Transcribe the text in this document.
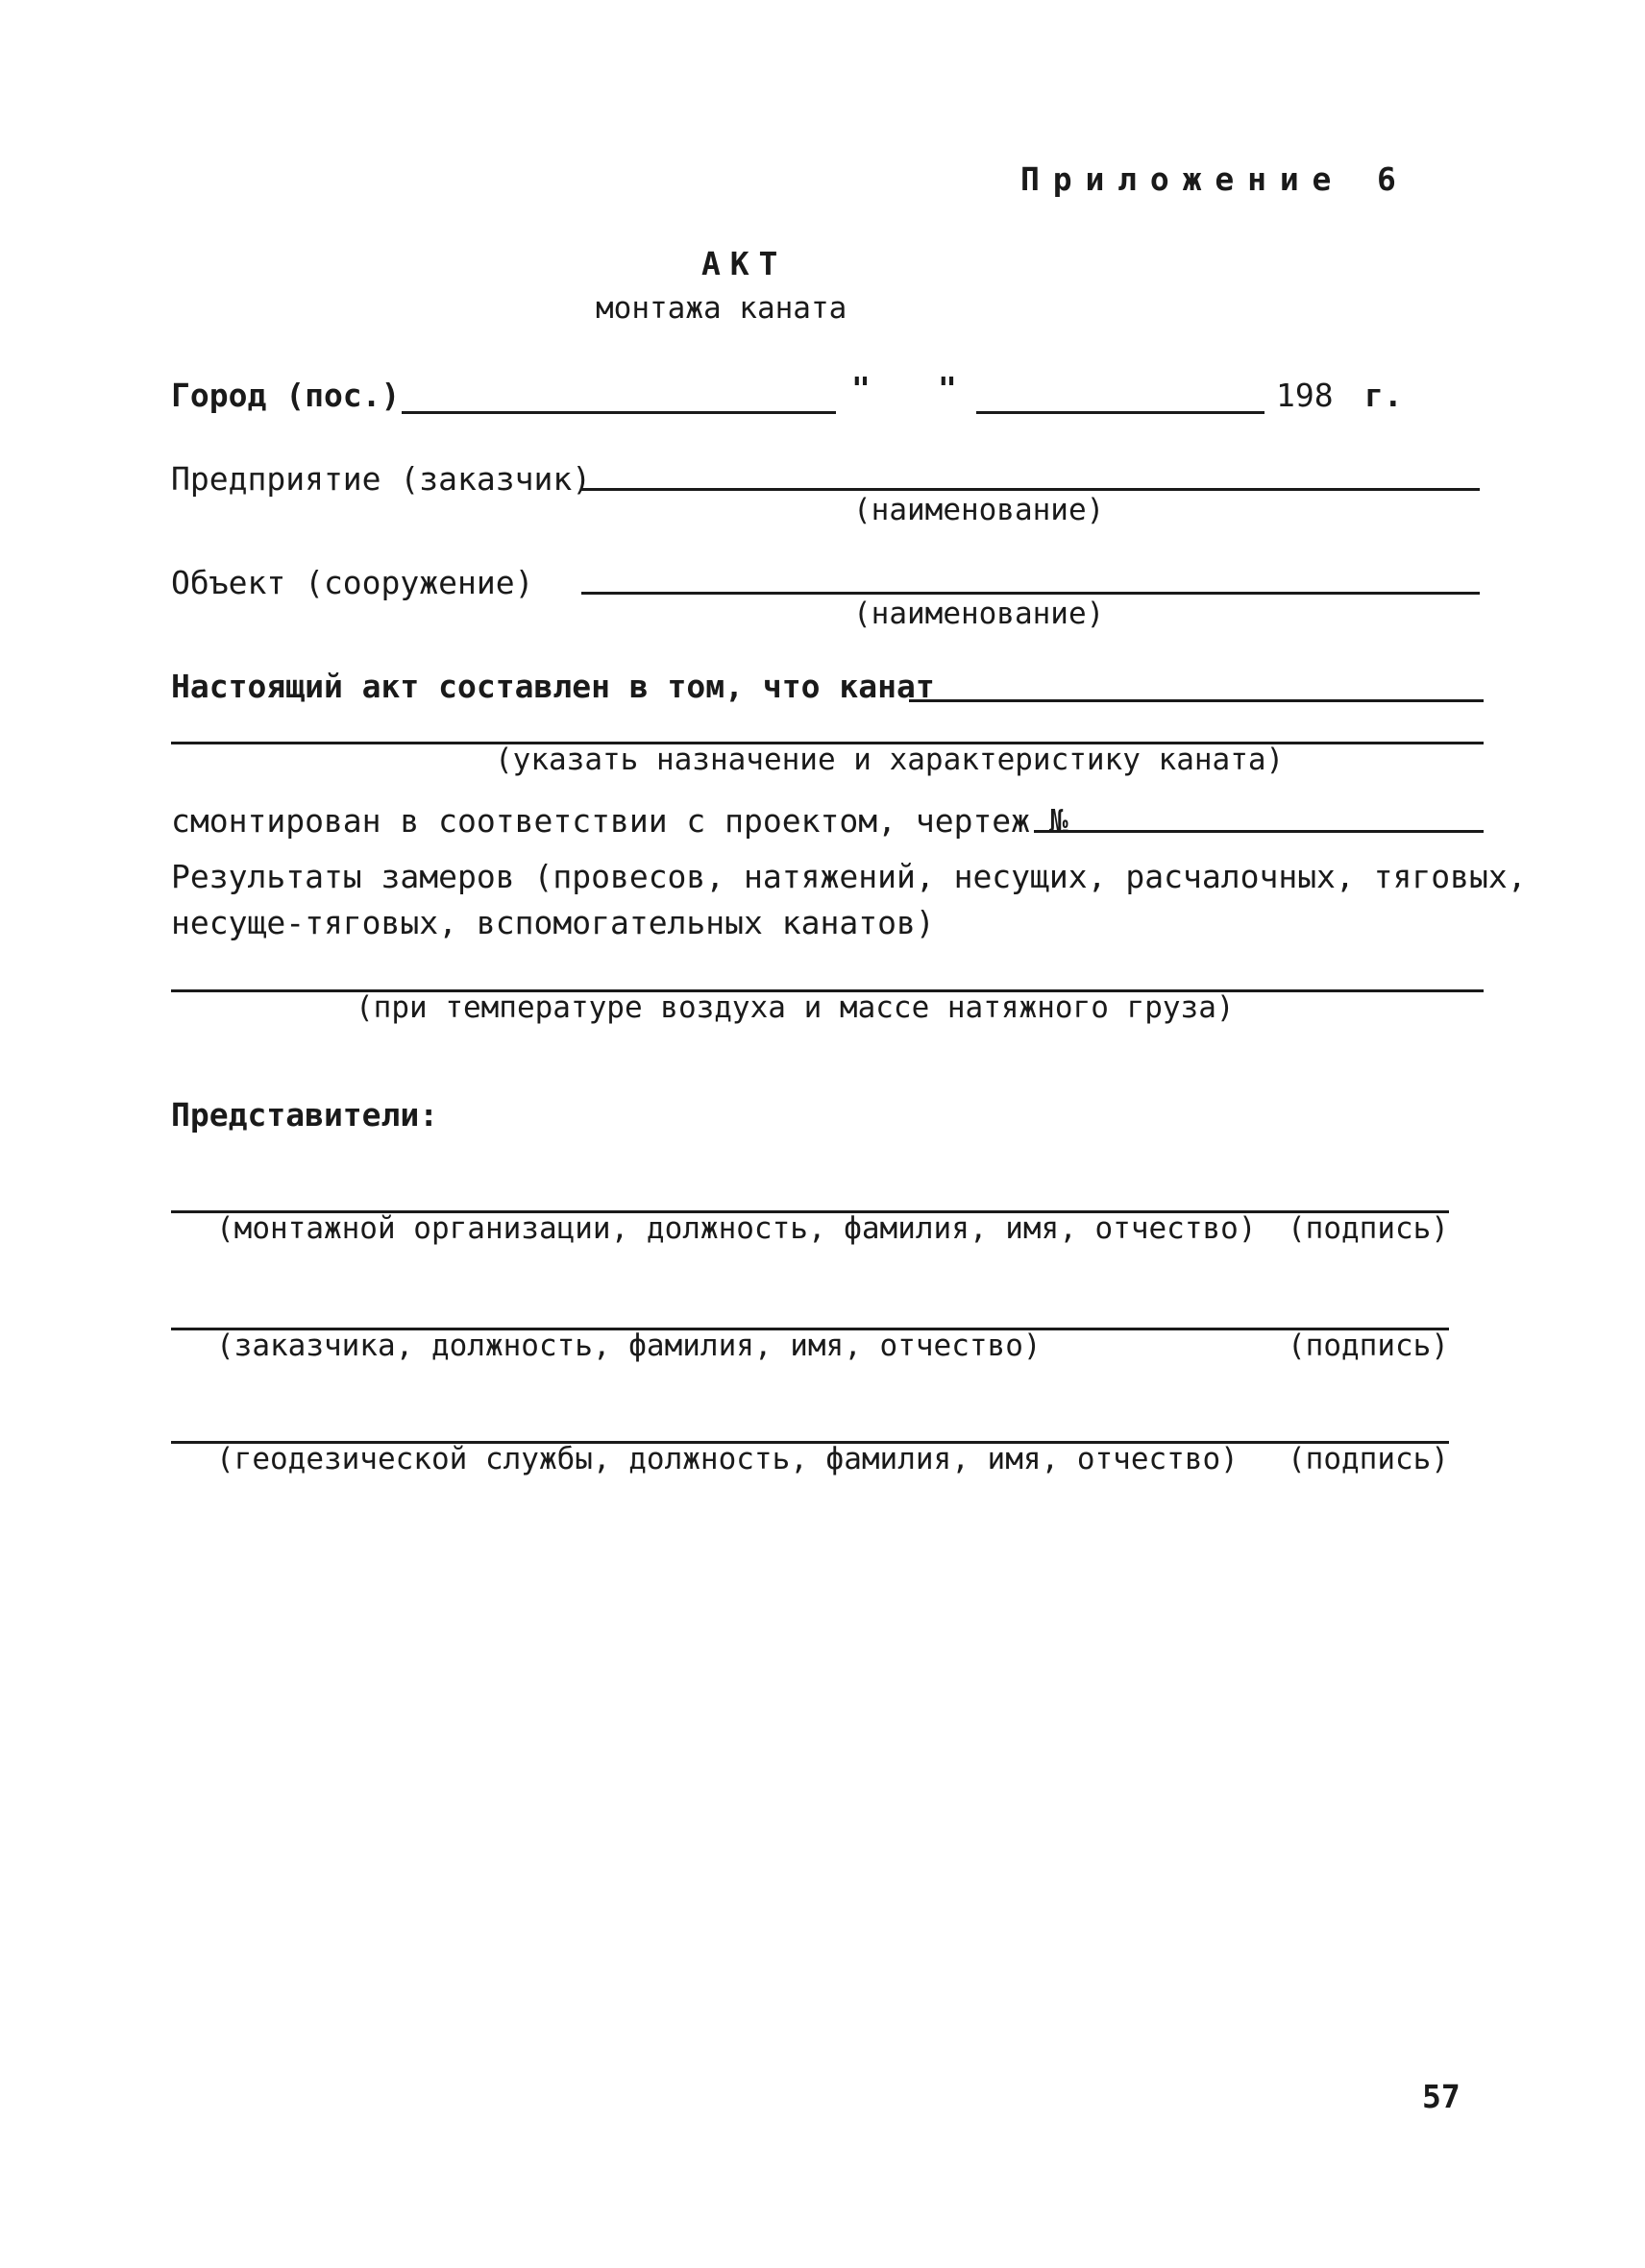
Приложение 6
АКТ
монтажа каната
Город (пос.)	" "	198 г.
Предприятие (заказчик)
(наименование)
Объект (сооружение)
(наименование)
Настоящий акт составлен в том, что канат
(указать назначение и характеристику каната)
смонтирован в соответствии с проектом, чертеж №
Результаты замеров (провесов, натяжений, несущих, расчалочных, тяговых,
несуще-тяговых, вспомогательных канатов)
(при температуре воздуха и массе натяжного груза)
Представители:
(монтажной организации, должность, фамилия, имя, отчество) (подпись)
(заказчика, должность, фамилия, имя, отчество)	(подпись)
(геодезической службы, должность, фамилия, имя, отчество) (подпись)
57
